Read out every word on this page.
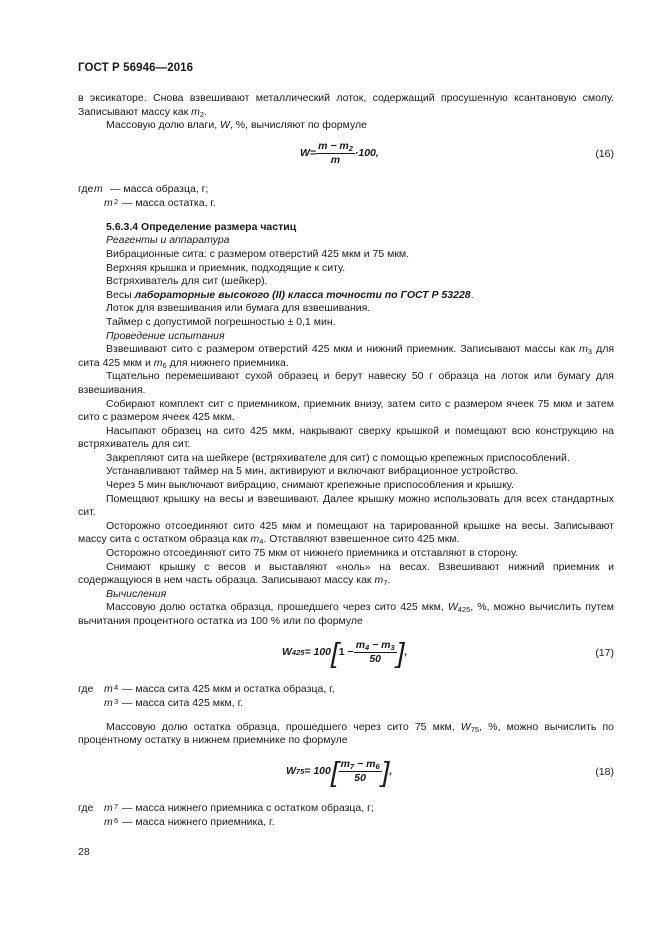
ГОСТ Р 56946—2016

в эксикаторе. Снова взвешивают металлический лоток, содержащий просушенную ксантановую смолу. Записывают массу как $m_2$.

Массовую долю влаги, W, %, вычисляют по формуле

$W = \frac{m - m_2}{m} \cdot 100$,	(16)
где m — масса образца, г;
m 2 — масса остатка, г.

5.6.3.4 Определение размера частиц

Реагенты и аппаратура

Вибрационные сита: с размером отверстий 425 мкм и 75 мкм.

Верхняя крышка и приемник, подходящие к ситу.

Встряхиватель для сит (шейкер).

Весы лабораторные высокого (II) класса точности по ГОСТ Р 53228.

Лоток для взвешивания или бумага для взвешивания.

Таймер с допустимой погрешностью ± 0,1 мин.

Проведение испытания

Взвешивают сито с размером отверстий 425 мкм и нижний приемник. Записывают массы как $m_3$ для сита 425 мкм и $m_6$ для нижнего приемника.

Тщательно перемешивают сухой образец и берут навеску 50 г образца на лоток или бумагу для взвешивания.

Собирают комплект сит с приемником, приемник внизу, затем сито с размером ячеек 75 мкм и затем сито с размером ячеек 425 мкм.

Насыпают образец на сито 425 мкм, накрывают сверху крышкой и помещают всю конструкцию на встряхиватель для сит.

Закрепляют сита на шейкере (встряхивателе для сит) с помощью крепежных приспособлений.

Устанавливают таймер на 5 мин, активируют и включают вибрационное устройство.

Через 5 мин выключают вибрацию, снимают крепежные приспособления и крышку.

Помещают крышку на весы и взвешивают. Далее крышку можно использовать для всех стандартных сит.

Осторожно отсоединяют сито 425 мкм и помещают на тарированной крышке на весы. Записывают массу сита с остатком образца как $m_4$. Отставляют взвешенное сито 425 мкм.

Осторожно отсоединяют сито 75 мкм от нижнего приемника и отставляют в сторону.

Снимают крышку с весов и выставляют «ноль» на весах. Взвешивают нижний приемник и содержащуюся в нем часть образца. Записывают массу как $m_7$.

Вычисления

Массовую долю остатка образца, прошедшего через сито 425 мкм, $W_{425}$, %, можно вычислить путем вычитания процентного остатка из 100 % или по формуле

W 425 = 100 [ $1 - \frac{m_4 - m_3}{50}$ ] ,	(17)
где m 4 — масса сита 425 мкм и остатка образца, г,
m 3 — масса сита 425 мкм, г.

Массовую долю остатка образца, прошедшего через сито 75 мкм, $W_{75}$, %, можно вычислить по процентному остатку в нижнем приемнике по формуле

W 75 = 100 [ $\frac{m_7 - m_6}{50}$ ] ,	(18)
где m 7 — масса нижнего приемника с остатком образца, г;
m 6 — масса нижнего приемника, г.
28
